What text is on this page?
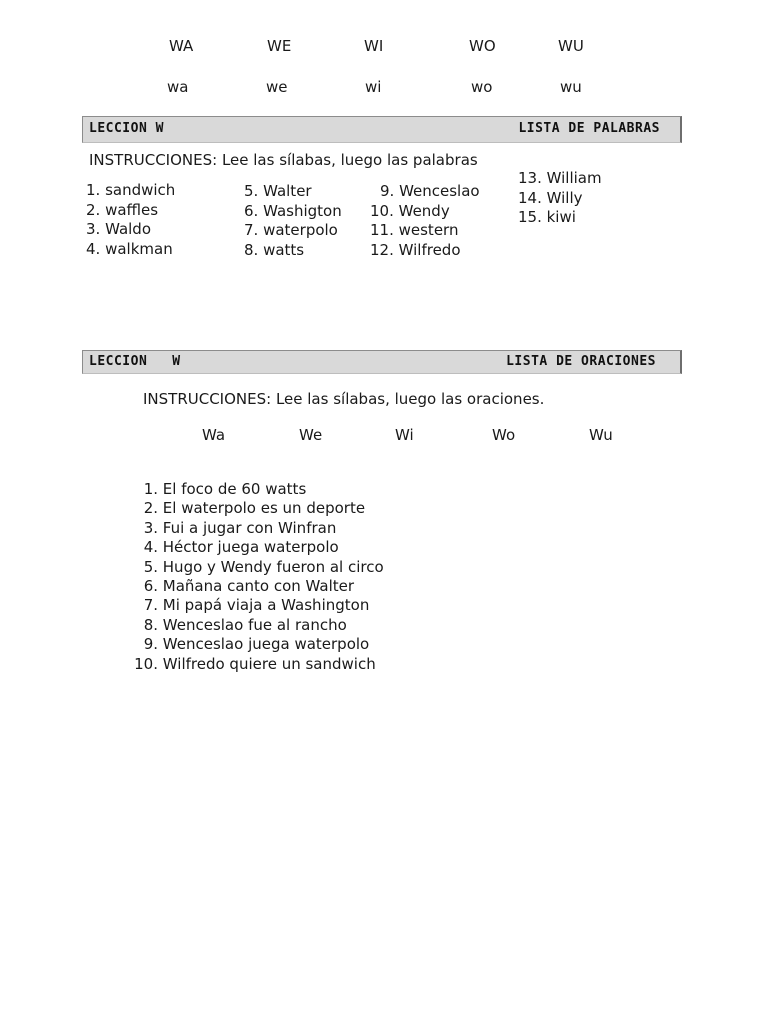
WA	WE	WI	WO	WU
wa	we	wi	wo	wu
LECCION W	LISTA DE PALABRAS
INSTRUCCIONES: Lee las sílabas, luego las palabras
1. sandwich
2. waffles
3. Waldo
4. walkman
5. Walter
6. Washigton
7. waterpolo
8. watts
9. Wenceslao
10. Wendy
11. western
12. Wilfredo
13. William
14. Willy
15. kiwi
LECCION   W	LISTA DE ORACIONES
INSTRUCCIONES: Lee las sílabas, luego las oraciones.
Wa	We	Wi	Wo	Wu
1. El foco de 60 watts
2. El waterpolo es un deporte
3. Fui a jugar con Winfran
4. Héctor juega waterpolo
5. Hugo y Wendy fueron al circo
6. Mañana canto con Walter
7. Mi papá viaja a Washington
8. Wenceslao fue al rancho
9. Wenceslao juega waterpolo
10. Wilfredo quiere un sandwich
